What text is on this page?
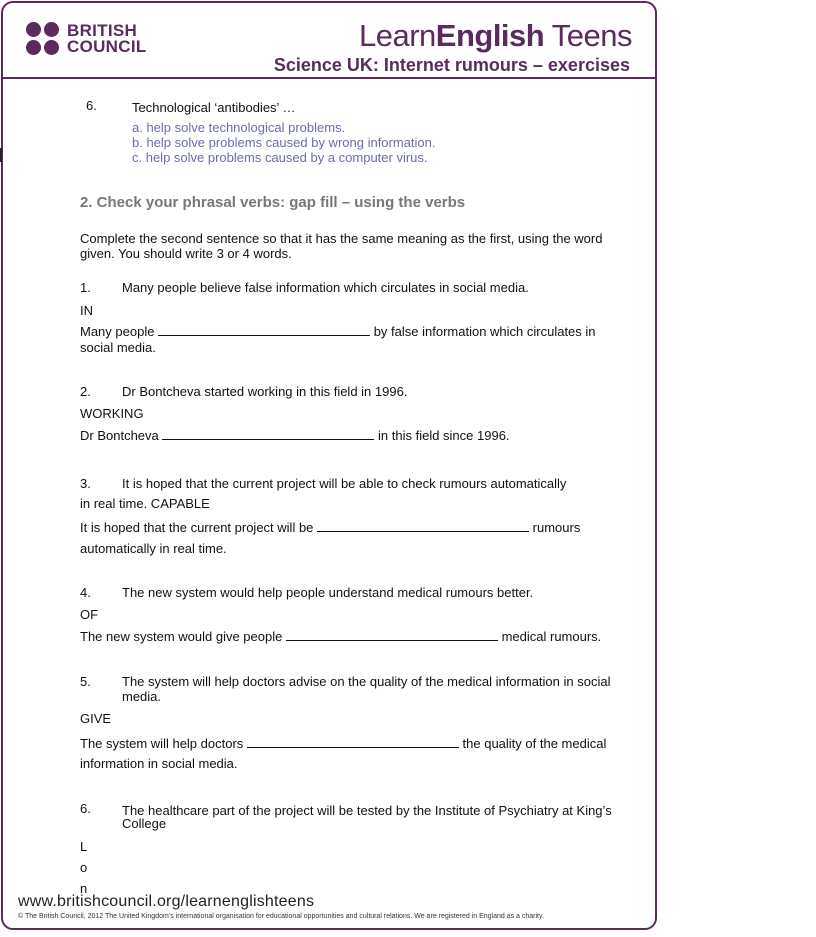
BRITISH
COUNCIL	LearnEnglish Teens
Science UK: Internet rumours – exercises
6.	Technological ‘antibodies’ …
a. help solve technological problems.
b. help solve problems caused by wrong information.
c. help solve problems caused by a computer virus.
2. Check your phrasal verbs: gap fill – using the verbs
Complete the second sentence so that it has the same meaning as the first, using the word
given. You should write 3 or 4 words.
1. Many people believe false information which circulates in social media.
IN
Many people	by false information which circulates in
social media.
2. Dr Bontcheva started working in this field in 1996.
WORKING
Dr Bontcheva	in this field since 1996.
3. It is hoped that the current project will be able to check rumours automatically
in real time. CAPABLE
It is hoped that the current project will be	rumours
automatically in real time.
4. The new system would help people understand medical rumours better.
OF
The new system would give people	medical rumours.
5. The system will help doctors advise on the quality of the medical information in social
media.
GIVE
The system will help doctors	the quality of the medical
information in social media.
6. The healthcare part of the project will be tested by the Institute of Psychiatry at King’s
College
L
o
n
www.britishcouncil.org/learnenglishteens
© The British Council, 2012 The United Kingdom’s international organisation for educational opportunities and cultural relations. We are registered in England as a charity.
